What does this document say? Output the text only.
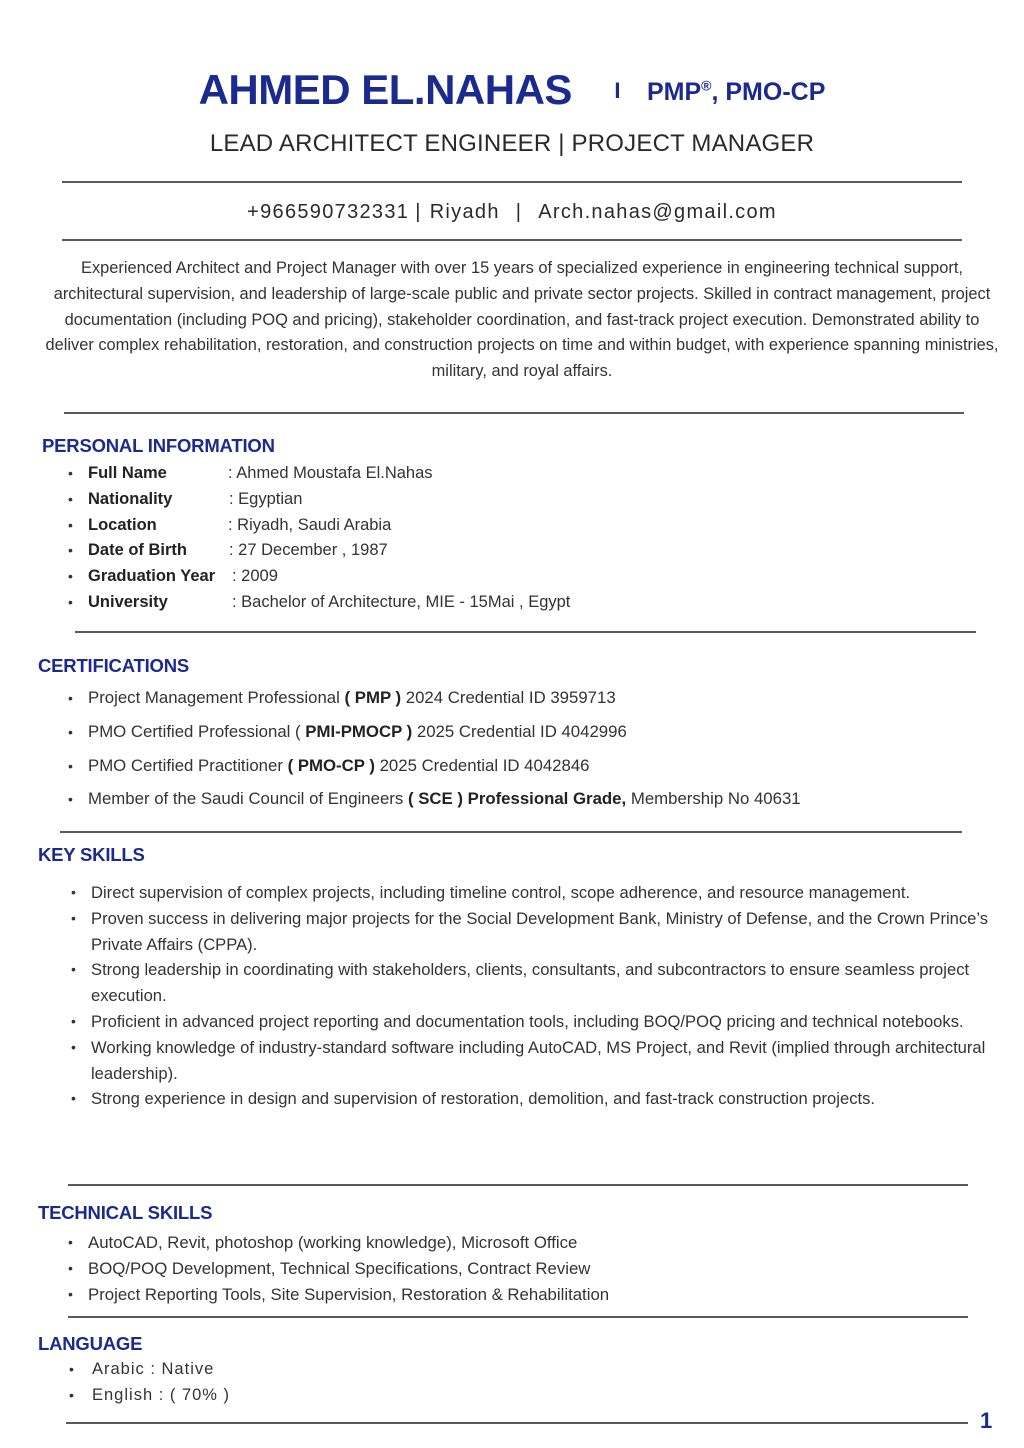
AHMED EL.NAHAS I PMP®, PMO-CP
LEAD ARCHITECT ENGINEER | PROJECT MANAGER
+966590732331 | Riyadh | Arch.nahas@gmail.com
Experienced Architect and Project Manager with over 15 years of specialized experience in engineering technical support, architectural supervision, and leadership of large-scale public and private sector projects. Skilled in contract management, project documentation (including POQ and pricing), stakeholder coordination, and fast-track project execution. Demonstrated ability to deliver complex rehabilitation, restoration, and construction projects on time and within budget, with experience spanning ministries, military, and royal affairs.
PERSONAL INFORMATION
• Full Name	: Ahmed Moustafa El.Nahas
• Nationality	: Egyptian
• Location	: Riyadh, Saudi Arabia
• Date of Birth	: 27 December , 1987
• Graduation Year : 2009
• University	: Bachelor of Architecture, MIE - 15Mai , Egypt
CERTIFICATIONS
• Project Management Professional ( PMP ) 2024 Credential ID 3959713
• PMO Certified Professional ( PMI-PMOCP ) 2025 Credential ID 4042996
• PMO Certified Practitioner ( PMO-CP ) 2025 Credential ID 4042846
• Member of the Saudi Council of Engineers ( SCE ) Professional Grade, Membership No 40631
KEY SKILLS
• Direct supervision of complex projects, including timeline control, scope adherence, and resource management.
• Proven success in delivering major projects for the Social Development Bank, Ministry of Defense, and the Crown Prince’s Private Affairs (CPPA).
• Strong leadership in coordinating with stakeholders, clients, consultants, and subcontractors to ensure seamless project execution.
• Proficient in advanced project reporting and documentation tools, including BOQ/POQ pricing and technical notebooks.
• Working knowledge of industry-standard software including AutoCAD, MS Project, and Revit (implied through architectural leadership).
• Strong experience in design and supervision of restoration, demolition, and fast-track construction projects.
TECHNICAL SKILLS
• AutoCAD, Revit, photoshop (working knowledge), Microsoft Office
• BOQ/POQ Development, Technical Specifications, Contract Review
• Project Reporting Tools, Site Supervision, Restoration & Rehabilitation
LANGUAGE
• Arabic : Native
• English : ( 70% )
1
